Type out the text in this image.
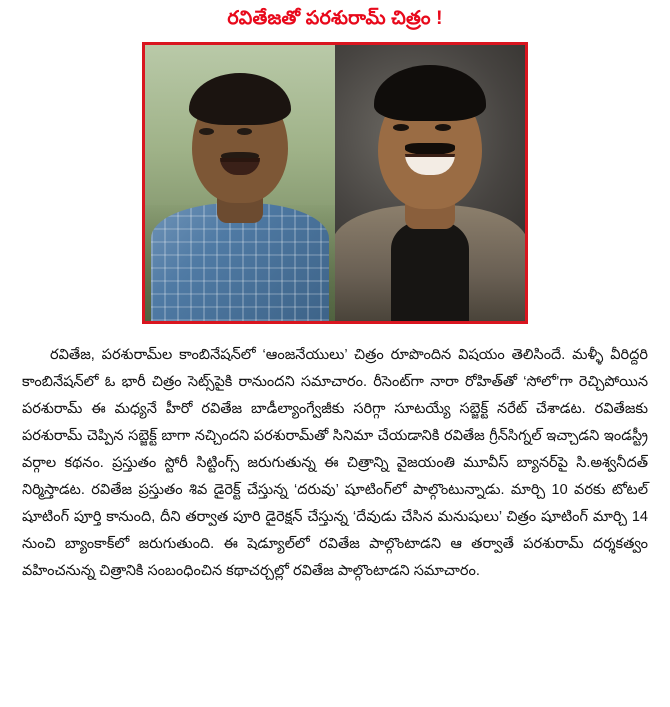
రవితేజతో పరశురామ్ చిత్రం !

రవితేజ, పరశురామ్‌ల కాంబినేషన్‌లో ‘ఆంజనేయులు’ చిత్రం రూపొందిన విషయం తెలిసిందే. మళ్ళీ వీరిద్దరి కాంబినేషన్‌లో ఓ భారీ చిత్రం సెట్స్‌పైకి రానుందని సమాచారం. రీసెంట్‌గా నారా రోహిత్‌తో ‘సోలో’గా రెచ్చిపోయిన పరశురామ్ ఈ మధ్యనే హీరో రవితేజ బాడీల్యాంగ్వేజీకు సరిగ్గా సూటయ్యే సబ్జెక్ట్ నరేట్ చేశాడట. రవితేజకు పరశురామ్ చెప్పిన సబ్జెక్ట్ బాగా నచ్చిందని పరశురామ్‌తో సినిమా చేయడానికి రవితేజ గ్రీన్‌సిగ్నల్ ఇచ్చాడని ఇండస్ట్రీ వర్గాల కథనం. ప్రస్తుతం స్టోరీ సిట్టింగ్స్ జరుగుతున్న ఈ చిత్రాన్ని వైజయంతి మూవీస్ బ్యానర్‌పై సి.అశ్వనీదత్ నిర్మిస్తాడట. రవితేజ ప్రస్తుతం శివ డైరెక్ట్ చేస్తున్న ‘దరువు’ షూటింగ్‌లో పాల్గొంటున్నాడు. మార్చి 10 వరకు టోటల్ షూటింగ్ పూర్తి కానుంది, దీని తర్వాత పూరి డైరెక్షన్ చేస్తున్న ‘దేవుడు చేసిన మనుషులు’ చిత్రం షూటింగ్ మార్చి 14 నుంచి బ్యాంకాక్‌లో జరుగుతుంది. ఈ షెడ్యూల్‌లో రవితేజ పాల్గొంటాడని ఆ తర్వాతే పరశురామ్ దర్శకత్వం వహించనున్న చిత్రానికి సంబంధించిన కథాచర్చల్లో రవితేజ పాల్గొంటాడని సమాచారం.
